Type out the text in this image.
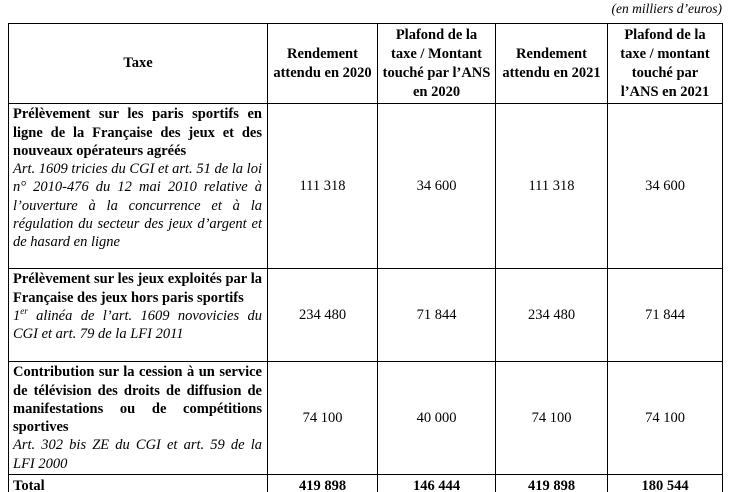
(en milliers d’euros)
Taxe	Rendement attendu en 2020	Plafond de la taxe / Montant touché par l’ANS en 2020	Rendement attendu en 2021	Plafond de la taxe / montant touché par l’ANS en 2021

Prélèvement sur les paris sportifs en ligne de la Française des jeux et des nouveaux opérateurs agréés
Art. 1609 tricies du CGI et art. 51 de la loi n° 2010-476 du 12 mai 2010 relative à l’ouverture à la concurrence et à la régulation du secteur des jeux d’argent et de hasard en ligne	111 318	34 600	111 318	34 600

Prélèvement sur les jeux exploités par la Française des jeux hors paris sportifs
1er alinéa de l’art. 1609 novovicies du CGI et art. 79 de la LFI 2011	234 480	71 844	234 480	71 844

Contribution sur la cession à un service de télévision des droits de diffusion de manifestations ou de compétitions sportives
Art. 302 bis ZE du CGI et art. 59 de la LFI 2000	74 100	40 000	74 100	74 100
Total	419 898	146 444	419 898	180 544
